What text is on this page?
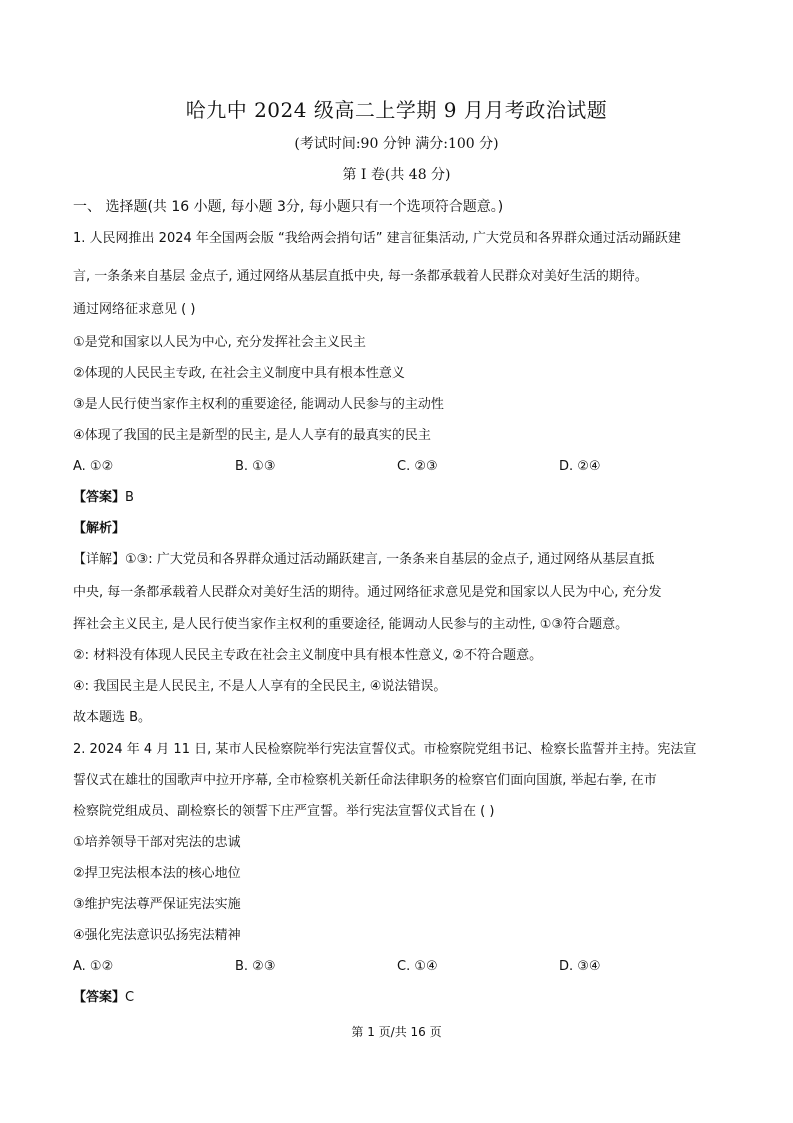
哈九中 2024 级高二上学期 9 月月考政治试题
(考试时间:90 分钟 满分:100 分)
第 I 卷(共 48 分)
一、 选择题(共 16 小题, 每小题 3分, 每小题只有一个选项符合题意。)
1. 人民网推出 2024 年全国两会版 “我给两会捎句话” 建言征集活动, 广大党员和各界群众通过活动踊跃建
言, 一条条来自基层 金点子, 通过网络从基层直抵中央, 每一条都承载着人民群众对美好生活的期待。
通过网络征求意见 ( )
①是党和国家以人民为中心, 充分发挥社会主义民主
②体现的人民民主专政, 在社会主义制度中具有根本性意义
③是人民行使当家作主权利的重要途径, 能调动人民参与的主动性
④体现了我国的民主是新型的民主, 是人人享有的最真实的民主
A. ①②	B. ①③	C. ②③	D. ②④
【答案】B
【解析】
【详解】①③: 广大党员和各界群众通过活动踊跃建言, 一条条来自基层的金点子, 通过网络从基层直抵
中央, 每一条都承载着人民群众对美好生活的期待。通过网络征求意见是党和国家以人民为中心, 充分发
挥社会主义民主, 是人民行使当家作主权利的重要途径, 能调动人民参与的主动性, ①③符合题意。
②: 材料没有体现人民民主专政在社会主义制度中具有根本性意义, ②不符合题意。
④: 我国民主是人民民主, 不是人人享有的全民民主, ④说法错误。
故本题选 B。
2. 2024 年 4 月 11 日, 某市人民检察院举行宪法宣誓仪式。市检察院党组书记、检察长监誓并主持。宪法宣
誓仪式在雄壮的国歌声中拉开序幕, 全市检察机关新任命法律职务的检察官们面向国旗, 举起右拳, 在市
检察院党组成员、副检察长的领誓下庄严宣誓。举行宪法宣誓仪式旨在 ( )
①培养领导干部对宪法的忠诚
②捍卫宪法根本法的核心地位
③维护宪法尊严保证宪法实施
④强化宪法意识弘扬宪法精神
A. ①②	B. ②③	C. ①④	D. ③④
【答案】C
第 1 页/共 16 页
